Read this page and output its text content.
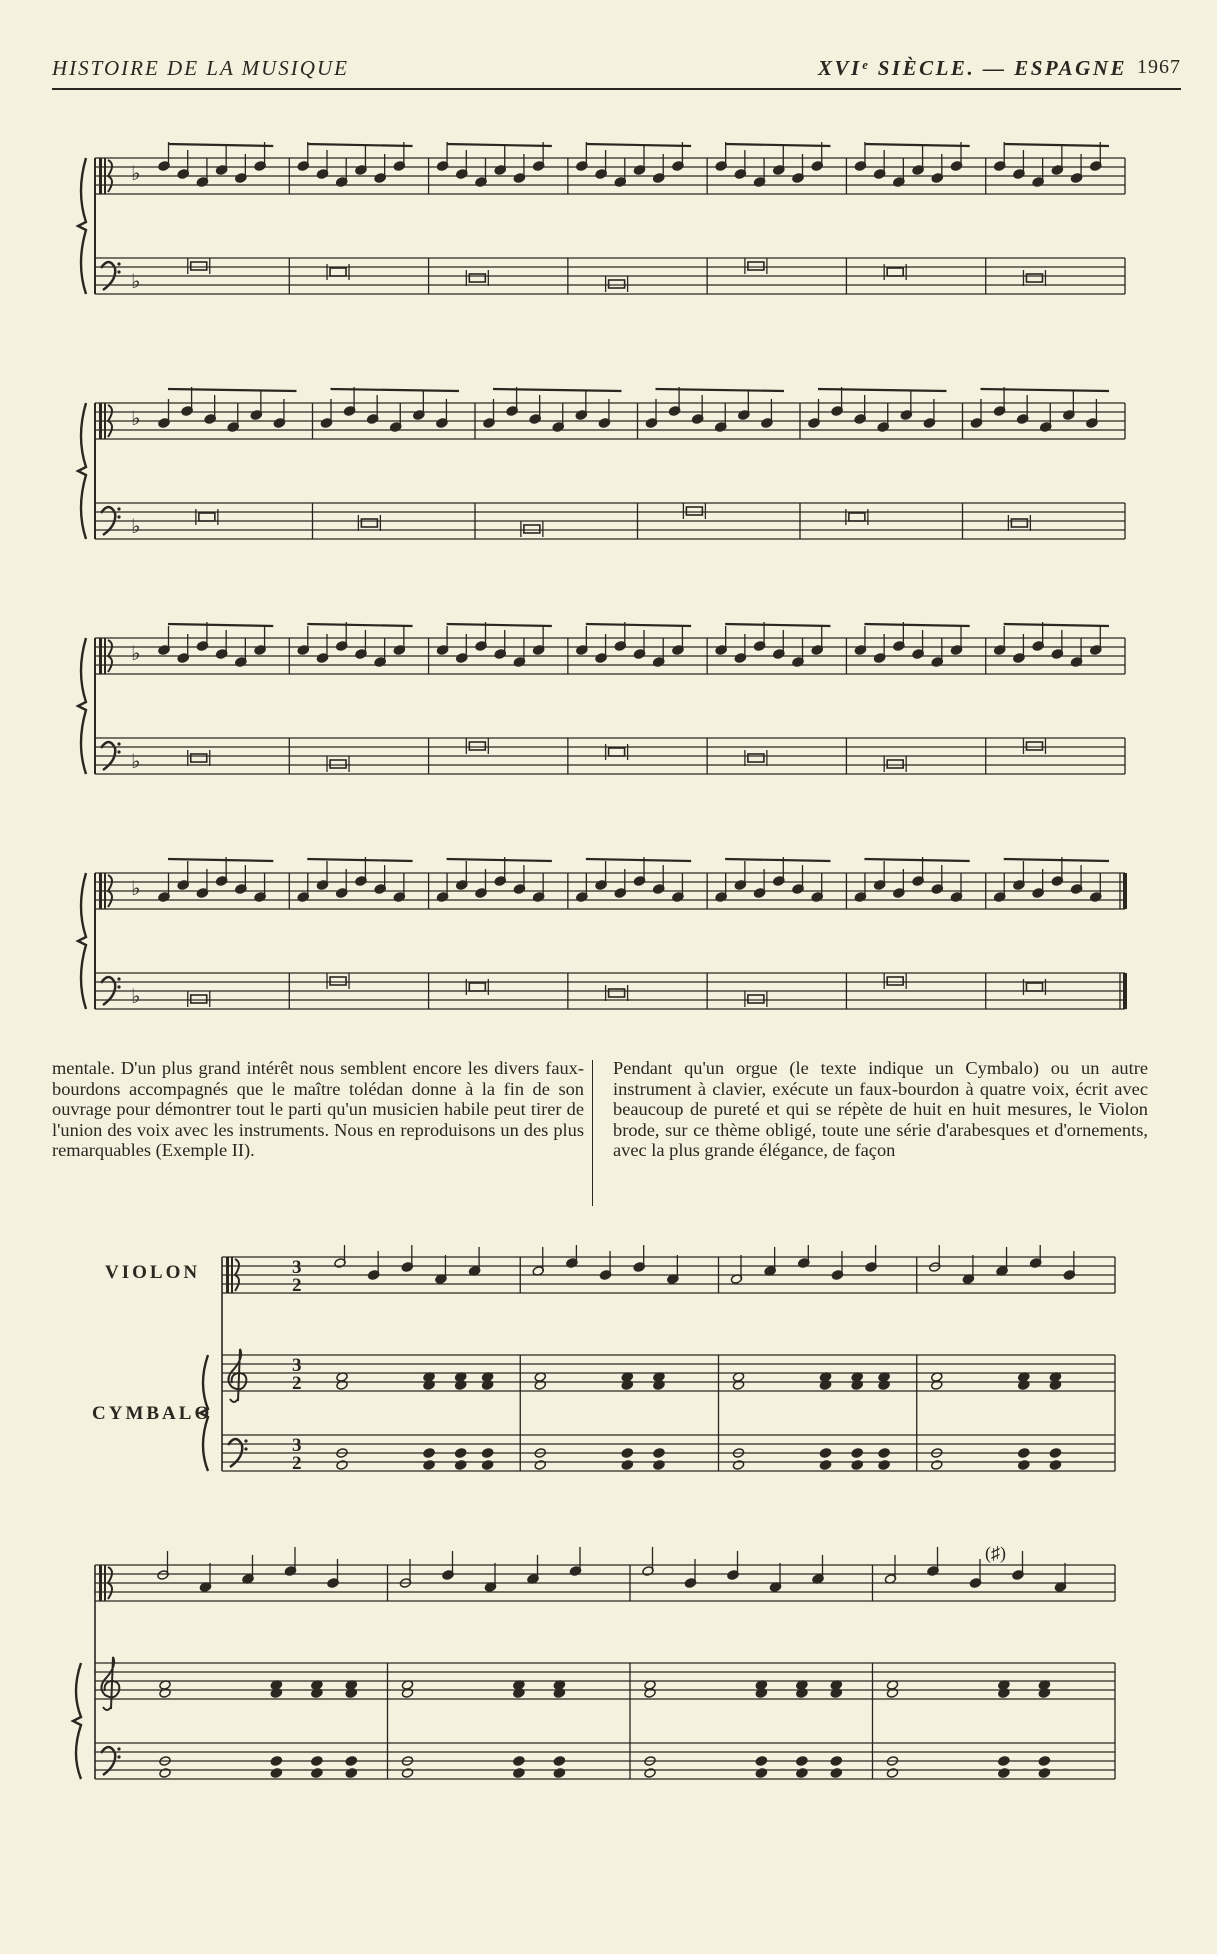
HISTOIRE DE LA MUSIQUE	XVIᵉ SIÈCLE. — ESPAGNE 1967
♭
♭
♭
♭
♭
♭
♭
♭

mentale. D'un plus grand intérêt nous semblent encore les divers faux-bourdons accompagnés que le maître tolédan donne à la fin de son ouvrage pour démontrer tout le parti qu'un musicien habile peut tirer de l'union des voix avec les instruments. Nous en reproduisons un des plus remarquables (Exemple II).

Pendant qu'un orgue (le texte indique un Cymbalo) ou un autre instrument à clavier, exécute un faux-bourdon à quatre voix, écrit avec beaucoup de pureté et qui se répète de huit en huit mesures, le Violon brode, sur ce thème obligé, toute une série d'arabesques et d'ornements, avec la plus grande élégance, de façon

VIOLON
CYMBALO
3
2
3
2
3
2
(♯)
